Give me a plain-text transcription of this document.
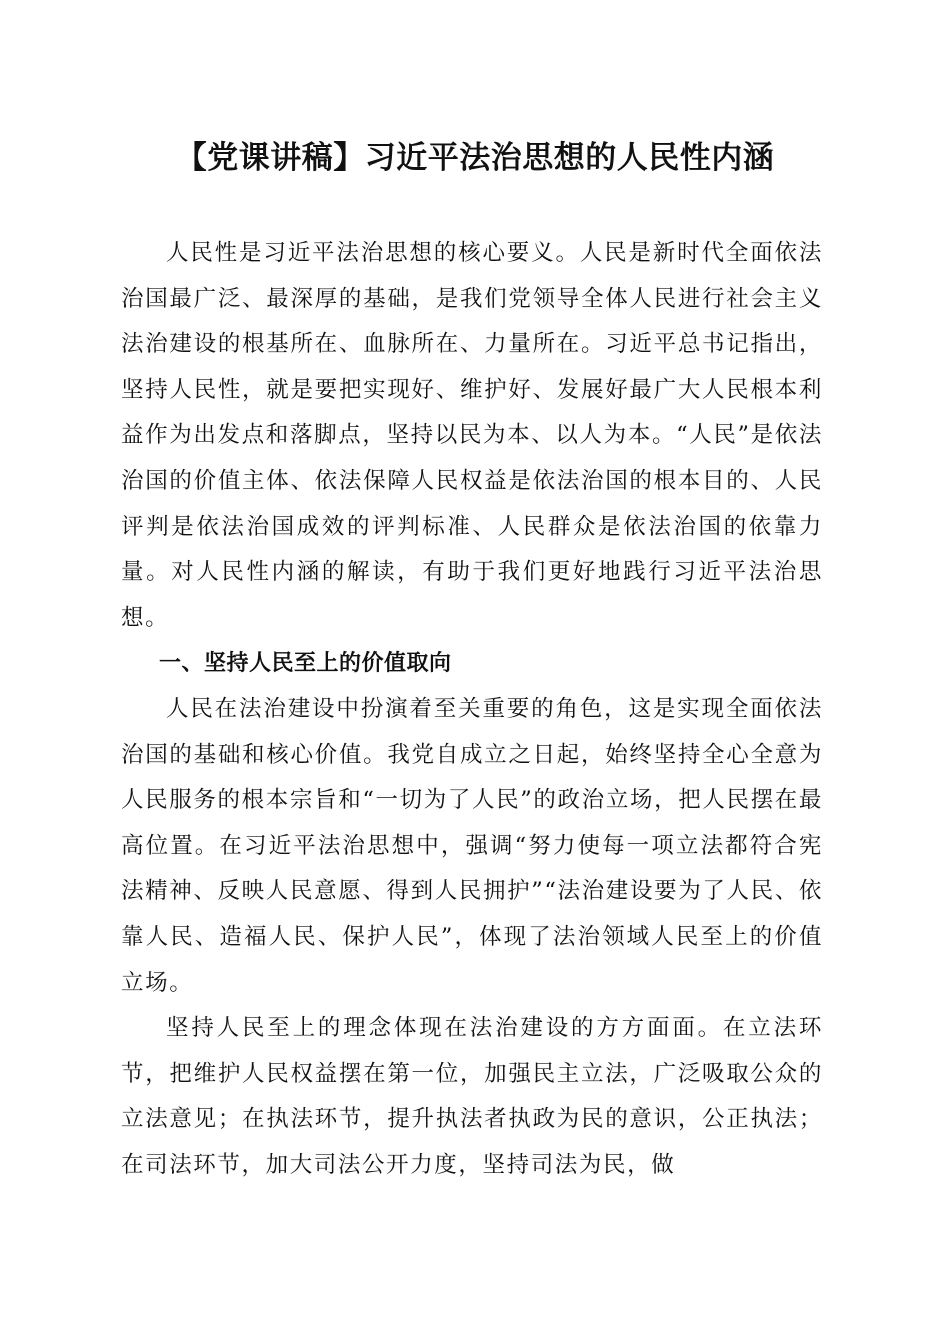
【党课讲稿】习近平法治思想的人民性内涵

人民性是习近平法治思想的核心要义。人民是新时代全面依法治国最广泛、最深厚的基础，是我们党领导全体人民进行社会主义法治建设的根基所在、血脉所在、力量所在。习近平总书记指出，坚持人民性，就是要把实现好、维护好、发展好最广大人民根本利益作为出发点和落脚点，坚持以民为本、以人为本。“人民”是依法治国的价值主体、依法保障人民权益是依法治国的根本目的、人民评判是依法治国成效的评判标准、人民群众是依法治国的依靠力量。对人民性内涵的解读，有助于我们更好地践行习近平法治思想。

一、坚持人民至上的价值取向

人民在法治建设中扮演着至关重要的角色，这是实现全面依法治国的基础和核心价值。我党自成立之日起，始终坚持全心全意为人民服务的根本宗旨和“一切为了人民”的政治立场，把人民摆在最高位置。在习近平法治思想中，强调“努力使每一项立法都符合宪法精神、反映人民意愿、得到人民拥护”“法治建设要为了人民、依靠人民、造福人民、保护人民”，体现了法治领域人民至上的价值立场。

坚持人民至上的理念体现在法治建设的方方面面。在立法环节，把维护人民权益摆在第一位，加强民主立法，广泛吸取公众的立法意见；在执法环节，提升执法者执政为民的意识，公正执法；在司法环节，加大司法公开力度，坚持司法为民，做
